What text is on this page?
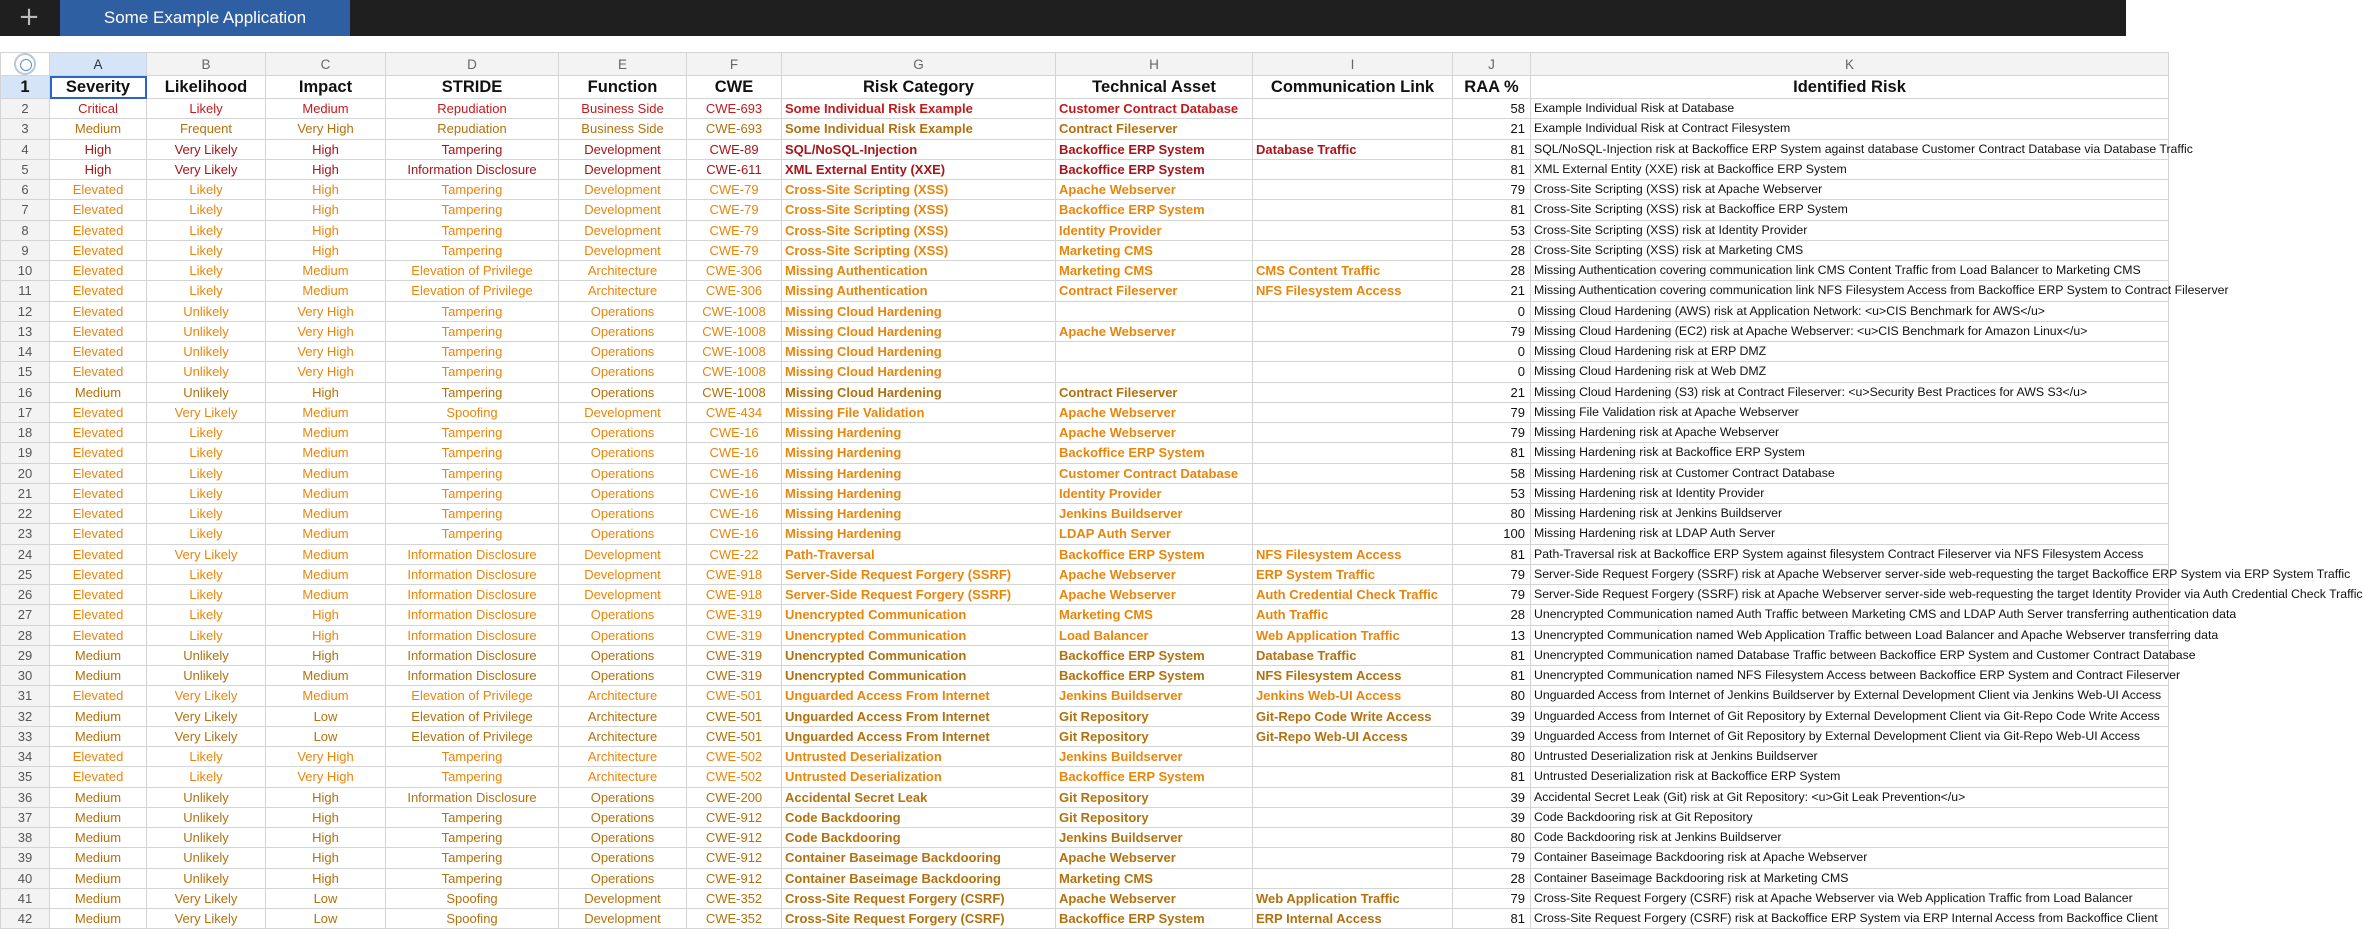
+	Some Example Application
	A	B	C	D	E	F	G	H	I	J	K
1	Severity	Likelihood	Impact	STRIDE	Function	CWE	Risk Category	Technical Asset	Communication Link	RAA %	Identified Risk
2	Critical	Likely	Medium	Repudiation	Business Side	CWE-693	Some Individual Risk Example	Customer Contract Database		58	Example Individual Risk at Database
3	Medium	Frequent	Very High	Repudiation	Business Side	CWE-693	Some Individual Risk Example	Contract Fileserver		21	Example Individual Risk at Contract Filesystem
4	High	Very Likely	High	Tampering	Development	CWE-89	SQL/NoSQL-Injection	Backoffice ERP System	Database Traffic	81	SQL/NoSQL-Injection risk at Backoffice ERP System against database Customer Contract Database via Database Traffic
5	High	Very Likely	High	Information Disclosure	Development	CWE-611	XML External Entity (XXE)	Backoffice ERP System		81	XML External Entity (XXE) risk at Backoffice ERP System
6	Elevated	Likely	High	Tampering	Development	CWE-79	Cross-Site Scripting (XSS)	Apache Webserver		79	Cross-Site Scripting (XSS) risk at Apache Webserver
7	Elevated	Likely	High	Tampering	Development	CWE-79	Cross-Site Scripting (XSS)	Backoffice ERP System		81	Cross-Site Scripting (XSS) risk at Backoffice ERP System
8	Elevated	Likely	High	Tampering	Development	CWE-79	Cross-Site Scripting (XSS)	Identity Provider		53	Cross-Site Scripting (XSS) risk at Identity Provider
9	Elevated	Likely	High	Tampering	Development	CWE-79	Cross-Site Scripting (XSS)	Marketing CMS		28	Cross-Site Scripting (XSS) risk at Marketing CMS
10	Elevated	Likely	Medium	Elevation of Privilege	Architecture	CWE-306	Missing Authentication	Marketing CMS	CMS Content Traffic	28	Missing Authentication covering communication link CMS Content Traffic from Load Balancer to Marketing CMS
11	Elevated	Likely	Medium	Elevation of Privilege	Architecture	CWE-306	Missing Authentication	Contract Fileserver	NFS Filesystem Access	21	Missing Authentication covering communication link NFS Filesystem Access from Backoffice ERP System to Contract Fileserver
12	Elevated	Unlikely	Very High	Tampering	Operations	CWE-1008	Missing Cloud Hardening			0	Missing Cloud Hardening (AWS) risk at Application Network: <u>CIS Benchmark for AWS</u>
13	Elevated	Unlikely	Very High	Tampering	Operations	CWE-1008	Missing Cloud Hardening	Apache Webserver		79	Missing Cloud Hardening (EC2) risk at Apache Webserver: <u>CIS Benchmark for Amazon Linux</u>
14	Elevated	Unlikely	Very High	Tampering	Operations	CWE-1008	Missing Cloud Hardening			0	Missing Cloud Hardening risk at ERP DMZ
15	Elevated	Unlikely	Very High	Tampering	Operations	CWE-1008	Missing Cloud Hardening			0	Missing Cloud Hardening risk at Web DMZ
16	Medium	Unlikely	High	Tampering	Operations	CWE-1008	Missing Cloud Hardening	Contract Fileserver		21	Missing Cloud Hardening (S3) risk at Contract Fileserver: <u>Security Best Practices for AWS S3</u>
17	Elevated	Very Likely	Medium	Spoofing	Development	CWE-434	Missing File Validation	Apache Webserver		79	Missing File Validation risk at Apache Webserver
18	Elevated	Likely	Medium	Tampering	Operations	CWE-16	Missing Hardening	Apache Webserver		79	Missing Hardening risk at Apache Webserver
19	Elevated	Likely	Medium	Tampering	Operations	CWE-16	Missing Hardening	Backoffice ERP System		81	Missing Hardening risk at Backoffice ERP System
20	Elevated	Likely	Medium	Tampering	Operations	CWE-16	Missing Hardening	Customer Contract Database		58	Missing Hardening risk at Customer Contract Database
21	Elevated	Likely	Medium	Tampering	Operations	CWE-16	Missing Hardening	Identity Provider		53	Missing Hardening risk at Identity Provider
22	Elevated	Likely	Medium	Tampering	Operations	CWE-16	Missing Hardening	Jenkins Buildserver		80	Missing Hardening risk at Jenkins Buildserver
23	Elevated	Likely	Medium	Tampering	Operations	CWE-16	Missing Hardening	LDAP Auth Server		100	Missing Hardening risk at LDAP Auth Server
24	Elevated	Very Likely	Medium	Information Disclosure	Development	CWE-22	Path-Traversal	Backoffice ERP System	NFS Filesystem Access	81	Path-Traversal risk at Backoffice ERP System against filesystem Contract Fileserver via NFS Filesystem Access
25	Elevated	Likely	Medium	Information Disclosure	Development	CWE-918	Server-Side Request Forgery (SSRF)	Apache Webserver	ERP System Traffic	79	Server-Side Request Forgery (SSRF) risk at Apache Webserver server-side web-requesting the target Backoffice ERP System via ERP System Traffic
26	Elevated	Likely	Medium	Information Disclosure	Development	CWE-918	Server-Side Request Forgery (SSRF)	Apache Webserver	Auth Credential Check Traffic	79	Server-Side Request Forgery (SSRF) risk at Apache Webserver server-side web-requesting the target Identity Provider via Auth Credential Check Traffic
27	Elevated	Likely	High	Information Disclosure	Operations	CWE-319	Unencrypted Communication	Marketing CMS	Auth Traffic	28	Unencrypted Communication named Auth Traffic between Marketing CMS and LDAP Auth Server transferring authentication data
28	Elevated	Likely	High	Information Disclosure	Operations	CWE-319	Unencrypted Communication	Load Balancer	Web Application Traffic	13	Unencrypted Communication named Web Application Traffic between Load Balancer and Apache Webserver transferring data
29	Medium	Unlikely	High	Information Disclosure	Operations	CWE-319	Unencrypted Communication	Backoffice ERP System	Database Traffic	81	Unencrypted Communication named Database Traffic between Backoffice ERP System and Customer Contract Database
30	Medium	Unlikely	Medium	Information Disclosure	Operations	CWE-319	Unencrypted Communication	Backoffice ERP System	NFS Filesystem Access	81	Unencrypted Communication named NFS Filesystem Access between Backoffice ERP System and Contract Fileserver
31	Elevated	Very Likely	Medium	Elevation of Privilege	Architecture	CWE-501	Unguarded Access From Internet	Jenkins Buildserver	Jenkins Web-UI Access	80	Unguarded Access from Internet of Jenkins Buildserver by External Development Client via Jenkins Web-UI Access
32	Medium	Very Likely	Low	Elevation of Privilege	Architecture	CWE-501	Unguarded Access From Internet	Git Repository	Git-Repo Code Write Access	39	Unguarded Access from Internet of Git Repository by External Development Client via Git-Repo Code Write Access
33	Medium	Very Likely	Low	Elevation of Privilege	Architecture	CWE-501	Unguarded Access From Internet	Git Repository	Git-Repo Web-UI Access	39	Unguarded Access from Internet of Git Repository by External Development Client via Git-Repo Web-UI Access
34	Elevated	Likely	Very High	Tampering	Architecture	CWE-502	Untrusted Deserialization	Jenkins Buildserver		80	Untrusted Deserialization risk at Jenkins Buildserver
35	Elevated	Likely	Very High	Tampering	Architecture	CWE-502	Untrusted Deserialization	Backoffice ERP System		81	Untrusted Deserialization risk at Backoffice ERP System
36	Medium	Unlikely	High	Information Disclosure	Operations	CWE-200	Accidental Secret Leak	Git Repository		39	Accidental Secret Leak (Git) risk at Git Repository: <u>Git Leak Prevention</u>
37	Medium	Unlikely	High	Tampering	Operations	CWE-912	Code Backdooring	Git Repository		39	Code Backdooring risk at Git Repository
38	Medium	Unlikely	High	Tampering	Operations	CWE-912	Code Backdooring	Jenkins Buildserver		80	Code Backdooring risk at Jenkins Buildserver
39	Medium	Unlikely	High	Tampering	Operations	CWE-912	Container Baseimage Backdooring	Apache Webserver		79	Container Baseimage Backdooring risk at Apache Webserver
40	Medium	Unlikely	High	Tampering	Operations	CWE-912	Container Baseimage Backdooring	Marketing CMS		28	Container Baseimage Backdooring risk at Marketing CMS
41	Medium	Very Likely	Low	Spoofing	Development	CWE-352	Cross-Site Request Forgery (CSRF)	Apache Webserver	Web Application Traffic	79	Cross-Site Request Forgery (CSRF) risk at Apache Webserver via Web Application Traffic from Load Balancer
42	Medium	Very Likely	Low	Spoofing	Development	CWE-352	Cross-Site Request Forgery (CSRF)	Backoffice ERP System	ERP Internal Access	81	Cross-Site Request Forgery (CSRF) risk at Backoffice ERP System via ERP Internal Access from Backoffice Client
